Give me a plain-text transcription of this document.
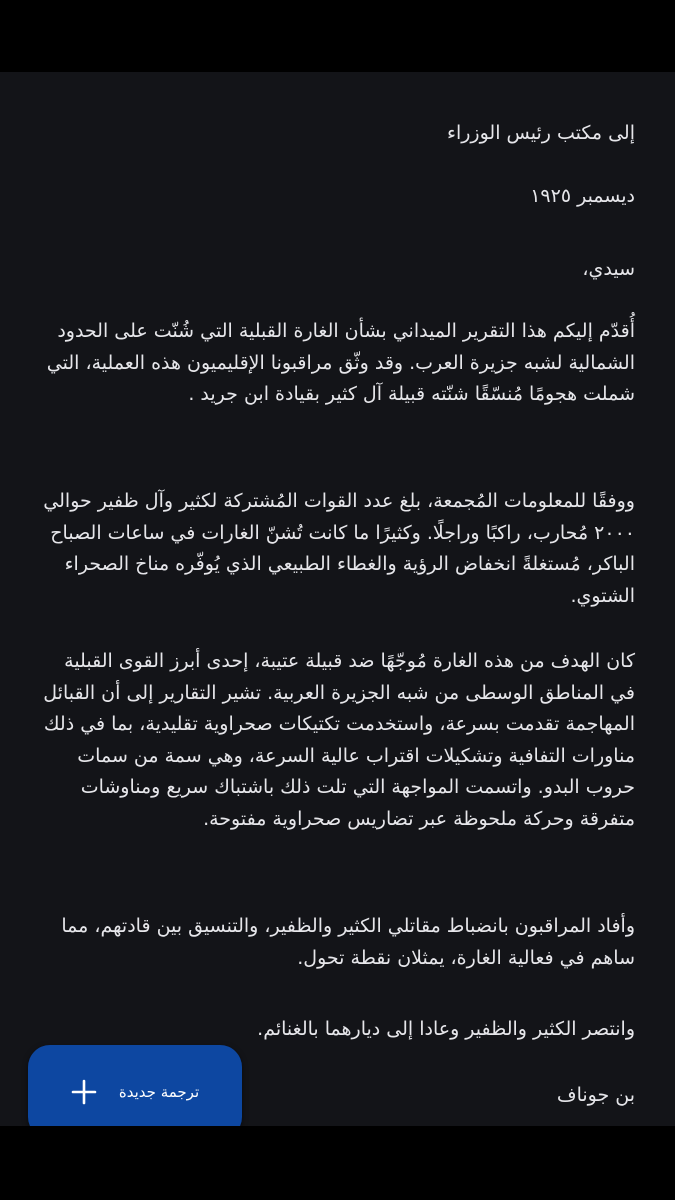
إلى مكتب رئيس الوزراء
ديسمبر ١٩٢٥
سيدي،
أُقدّم إليكم هذا التقرير الميداني بشأن الغارة القبلية التي شُنّت على الحدود الشمالية لشبه جزيرة العرب. وقد وثّق مراقبونا الإقليميون هذه العملية، التي شملت هجومًا مُنسّقًا شنّته قبيلة آل كثير بقيادة ابن جريد .
ووفقًا للمعلومات المُجمعة، بلغ عدد القوات المُشتركة لكثير وآل ظفير حوالي ٢٠٠٠ مُحارب، راكبًا وراجلًا. وكثيرًا ما كانت تُشنّ الغارات في ساعات الصباح الباكر، مُستغلةً انخفاض الرؤية والغطاء الطبيعي الذي يُوفّره مناخ الصحراء الشتوي.
كان الهدف من هذه الغارة مُوجّهًا ضد قبيلة عتيبة، إحدى أبرز القوى القبلية في المناطق الوسطى من شبه الجزيرة العربية. تشير التقارير إلى أن القبائل المهاجمة تقدمت بسرعة، واستخدمت تكتيكات صحراوية تقليدية، بما في ذلك مناورات التفافية وتشكيلات اقتراب عالية السرعة، وهي سمة من سمات حروب البدو. واتسمت المواجهة التي تلت ذلك باشتباك سريع ومناوشات متفرقة وحركة ملحوظة عبر تضاريس صحراوية مفتوحة.
وأفاد المراقبون بانضباط مقاتلي الكثير والظفير، والتنسيق بين قادتهم، مما ساهم في فعالية الغارة، يمثلان نقطة تحول.
وانتصر الكثير والظفير وعادا إلى ديارهما بالغنائم.
بن جوناف
ترجمة جديدة
